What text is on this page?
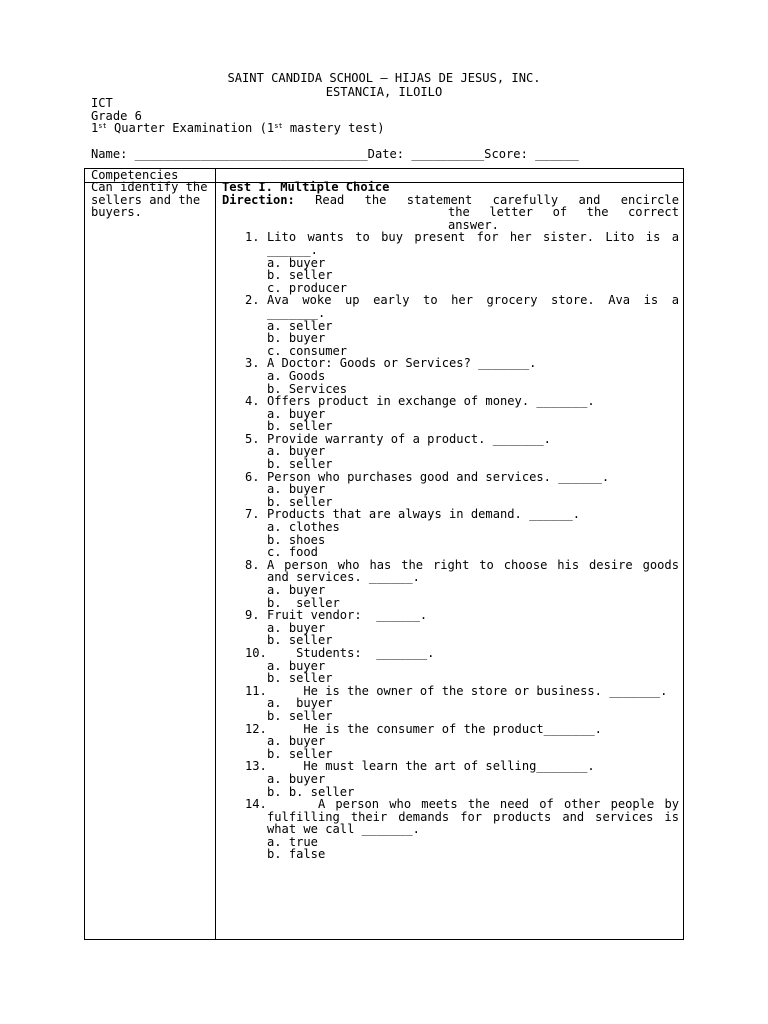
SAINT CANDIDA SCHOOL – HIJAS DE JESUS, INC.
ESTANCIA, ILOILO
ICT
Grade 6
1st Quarter Examination (1st mastery test)
Name: ________________________________Date: __________Score: ______
Competencies
Can identify the sellers and the buyers.
Test I. Multiple Choice
Direction: Read the statement carefully and encircle
the letter of the correct
answer.
1. Lito wants to buy present for her sister. Lito is a ______.
a. buyer
b. seller
c. producer
2. Ava woke up early to her grocery store. Ava is a _______.
a. seller
b. buyer
c. consumer
3. A Doctor: Goods or Services? _______.
a. Goods
b. Services
4. Offers product in exchange of money. _______.
a. buyer
b. seller
5. Provide warranty of a product. _______.
a. buyer
b. seller
6. Person who purchases good and services. ______.
a. buyer
b. seller
7. Products that are always in demand. ______.
a. clothes
b. shoes
c. food
8. A person who has the right to choose his desire goods and services. ______.
a. buyer
b.  seller
9. Fruit vendor:  ______.
a. buyer
b. seller
10. Students:  _______.
a. buyer
b. seller
11. He is the owner of the store or business. _______.
a.  buyer
b. seller
12. He is the consumer of the product_______.
a. buyer
b. seller
13. He must learn the art of selling_______.
a. buyer
b. b. seller
14. A person who meets the need of other people by fulfilling their demands for products and services is what we call _______.
a. true
b. false
